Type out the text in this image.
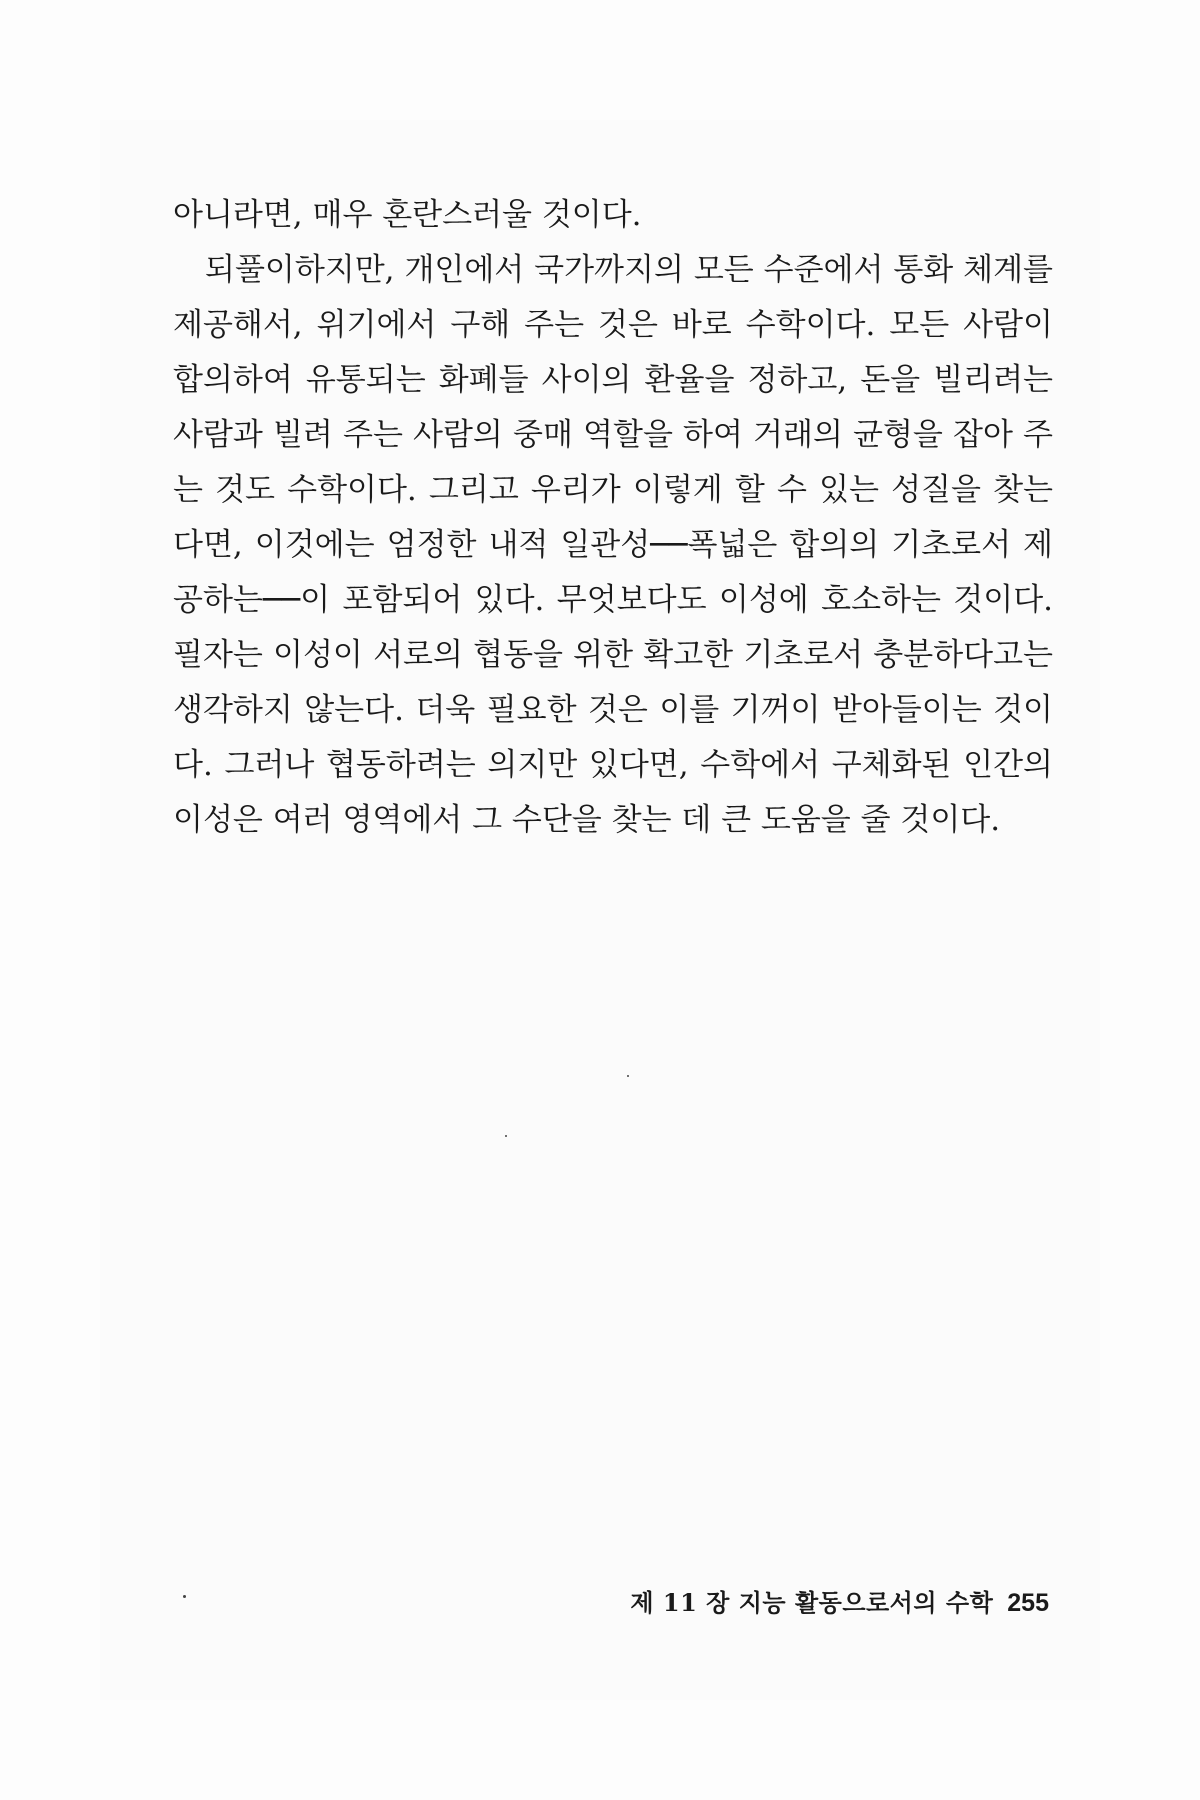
아니라면, 매우 혼란스러울 것이다.
되풀이하지만, 개인에서 국가까지의 모든 수준에서 통화 체계를
제공해서, 위기에서 구해 주는 것은 바로 수학이다. 모든 사람이
합의하여 유통되는 화폐들 사이의 환율을 정하고, 돈을 빌리려는
사람과 빌려 주는 사람의 중매 역할을 하여 거래의 균형을 잡아 주
는 것도 수학이다. 그리고 우리가 이렇게 할 수 있는 성질을 찾는
다면, 이것에는 엄정한 내적 일관성──폭넓은 합의의 기초로서 제
공하는──이 포함되어 있다. 무엇보다도 이성에 호소하는 것이다.
필자는 이성이 서로의 협동을 위한 확고한 기초로서 충분하다고는
생각하지 않는다. 더욱 필요한 것은 이를 기꺼이 받아들이는 것이
다. 그러나 협동하려는 의지만 있다면, 수학에서 구체화된 인간의
이성은 여러 영역에서 그 수단을 찾는 데 큰 도움을 줄 것이다.
제 11 장 지능 활동으로서의 수학 255
